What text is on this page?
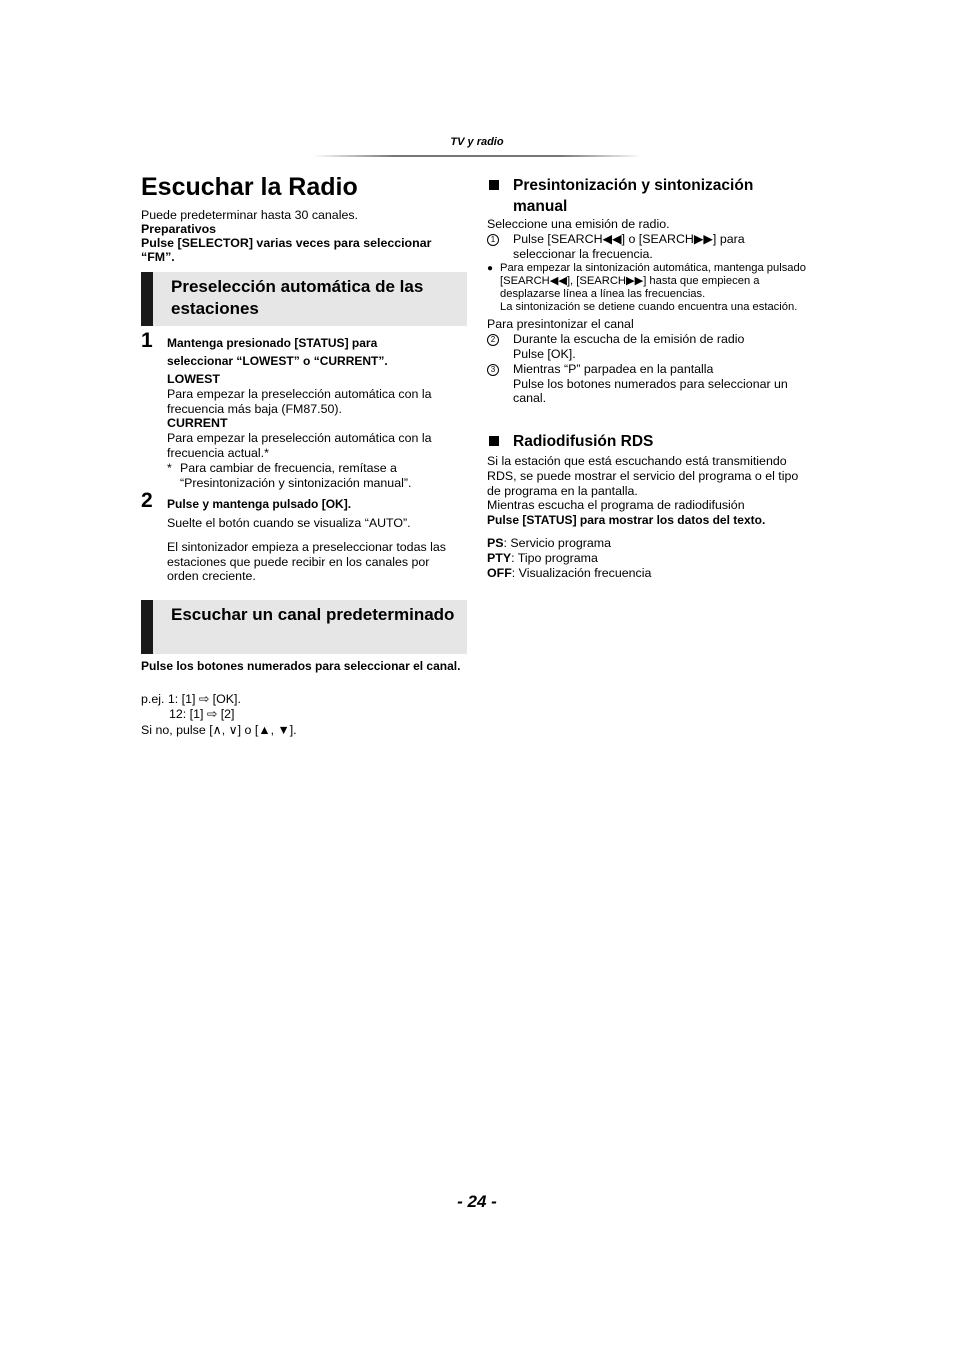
TV y radio
Escuchar la Radio

Puede predeterminar hasta 30 canales.

Preparativos

Pulse [SELECTOR] varias veces para seleccionar “FM”.

Preselección automática de las estaciones
1 Mantenga presionado [STATUS] para seleccionar “LOWEST” o “CURRENT”.

LOWEST

Para empezar la preselección automática con la frecuencia más baja (FM87.50).

CURRENT

Para empezar la preselección automática con la frecuencia actual.*

* Para cambiar de frecuencia, remítase a “Presintonización y sintonización manual”.

2 Pulse y mantenga pulsado [OK].

Suelte el botón cuando se visualiza “AUTO”.

El sintonizador empieza a preseleccionar todas las estaciones que puede recibir en los canales por orden creciente.

Escuchar un canal predeterminado

Pulse los botones numerados para seleccionar el canal.

p.ej. 1: [1] ⇨ [OK].

12: [1] ⇨ [2]

Si no, pulse [∧, ∨] o [▲, ▼].

Presintonización y sintonización manual

Seleccione una emisión de radio.

1	Pulse [SEARCH◀◀] o [SEARCH▶▶] para seleccionar la frecuencia.
● Para empezar la sintonización automática, mantenga pulsado [SEARCH◀◀], [SEARCH▶▶] hasta que empiecen a desplazarse línea a línea las frecuencias.

La sintonización se detiene cuando encuentra una estación.

Para presintonizar el canal

2	Durante la escucha de la emisión de radio

Pulse [OK].

3	Mientras “P” parpadea en la pantalla

Pulse los botones numerados para seleccionar un canal.

Radiodifusión RDS

Si la estación que está escuchando está transmitiendo RDS, se puede mostrar el servicio del programa o el tipo de programa en la pantalla.

Mientras escucha el programa de radiodifusión

Pulse [STATUS] para mostrar los datos del texto.

PS: Servicio programa

PTY: Tipo programa

OFF: Visualización frecuencia

- 24 -
